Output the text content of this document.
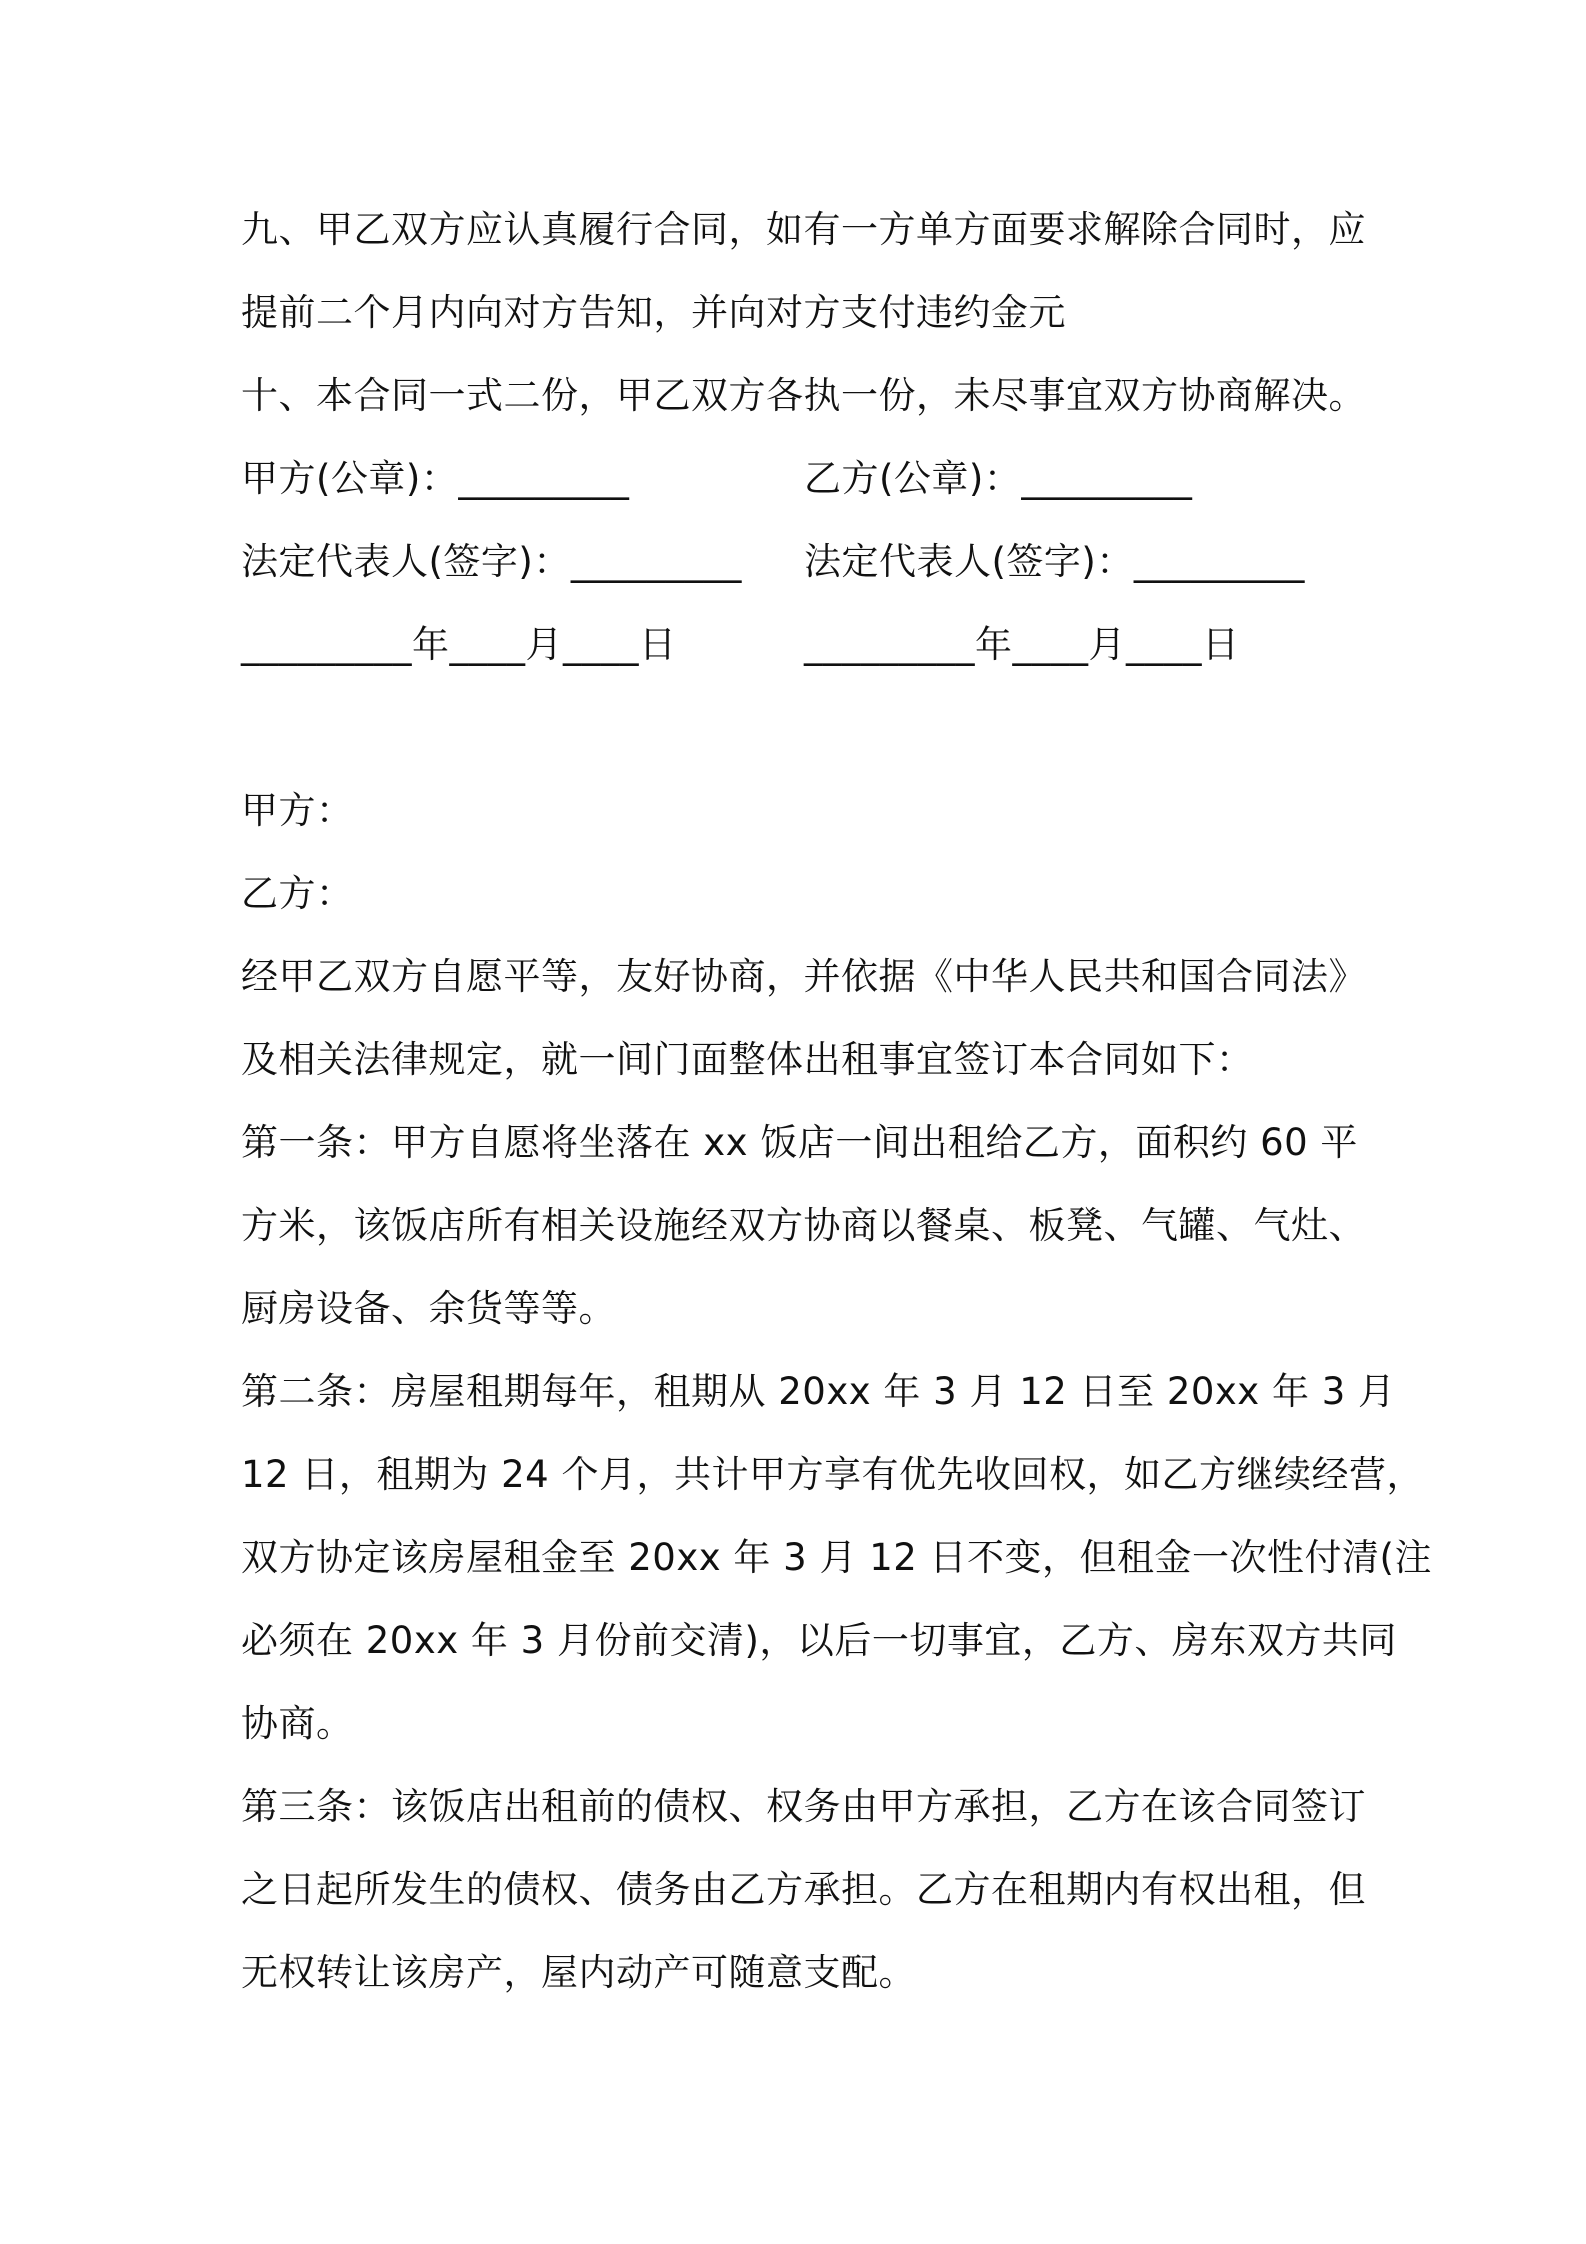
九、甲乙双方应认真履行合同，如有一方单方面要求解除合同时，应
提前二个月内向对方告知，并向对方支付违约金元
十、本合同一式二份，甲乙双方各执一份，未尽事宜双方协商解决。
甲方(公章)：_________	乙方(公章)：_________
法定代表人(签字)：_________ 法定代表人(签字)：_________
_________年____月____日	_________年____月____日
甲方：
乙方：
经甲乙双方自愿平等，友好协商，并依据《中华人民共和国合同法》
及相关法律规定，就一间门面整体出租事宜签订本合同如下：
第一条：甲方自愿将坐落在 xx 饭店一间出租给乙方，面积约 60 平
方米，该饭店所有相关设施经双方协商以餐桌、板凳、气罐、气灶、
厨房设备、余货等等。
第二条：房屋租期每年，租期从 20xx 年 3 月 12 日至 20xx 年 3 月
12 日，租期为 24 个月，共计甲方享有优先收回权，如乙方继续经营，
双方协定该房屋租金至 20xx 年 3 月 12 日不变，但租金一次性付清(注
必须在 20xx 年 3 月份前交清)，以后一切事宜，乙方、房东双方共同
协商。
第三条：该饭店出租前的债权、权务由甲方承担，乙方在该合同签订
之日起所发生的债权、债务由乙方承担。乙方在租期内有权出租，但
无权转让该房产，屋内动产可随意支配。
